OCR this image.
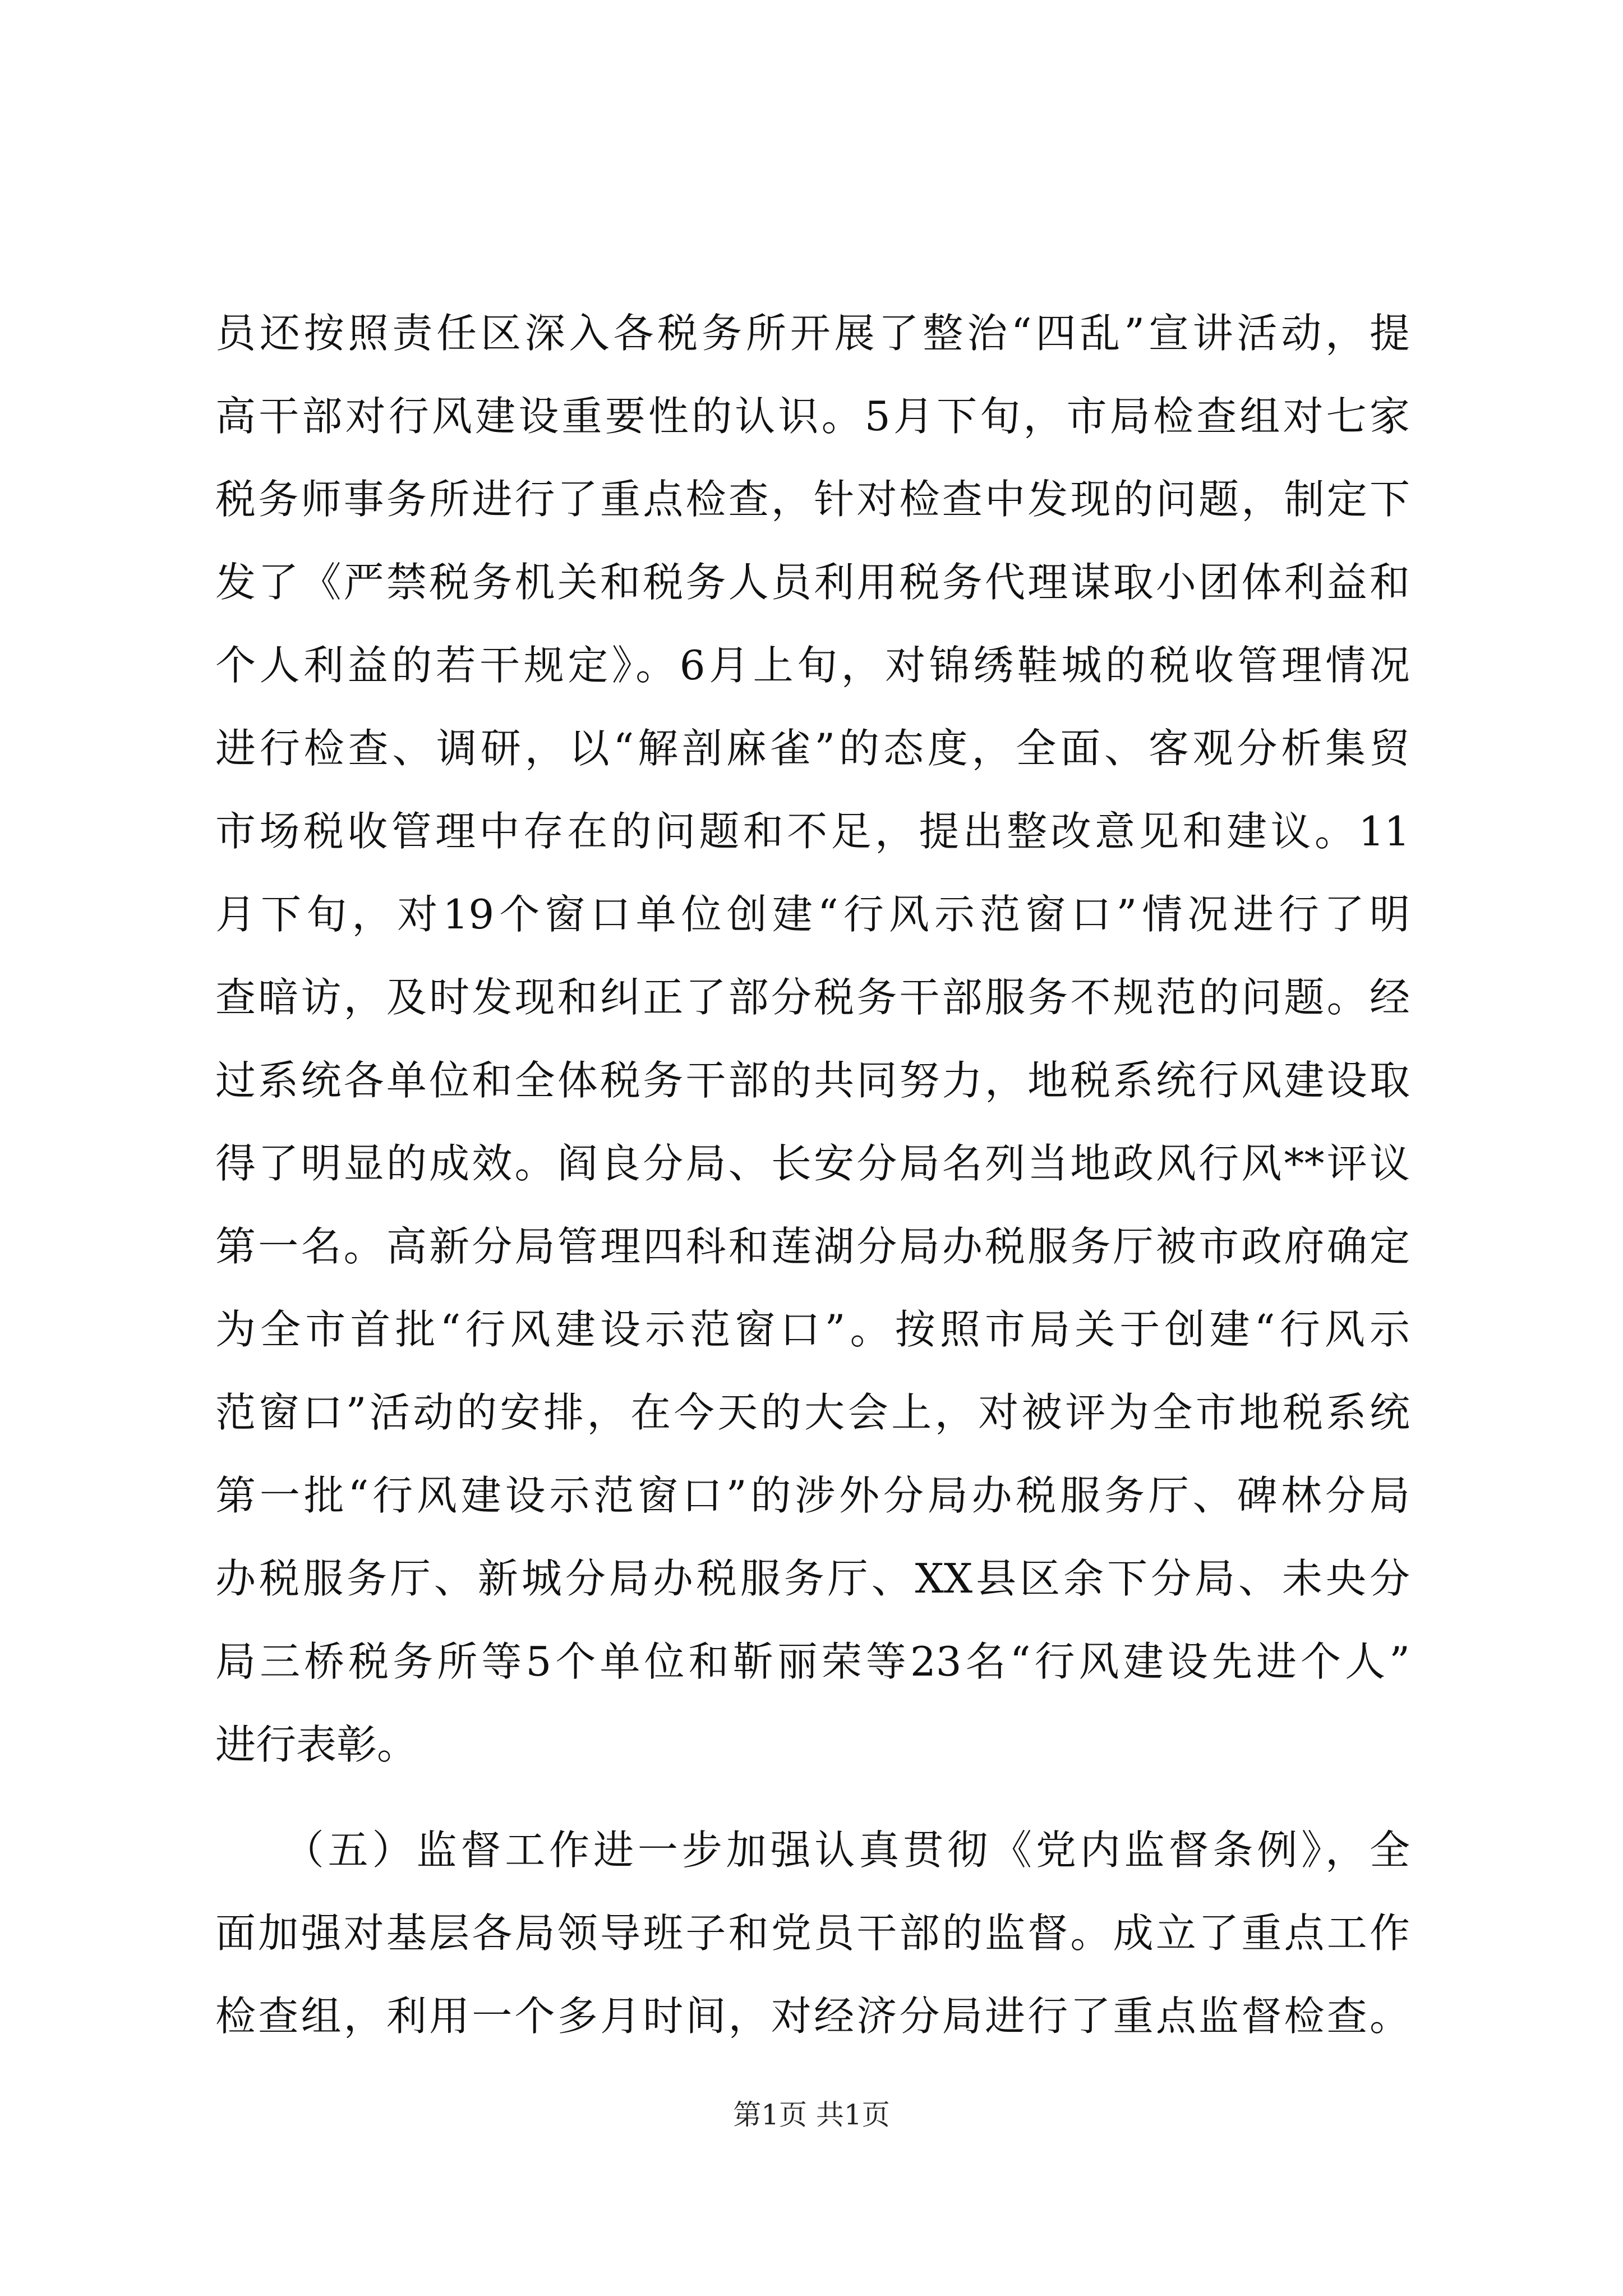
员还按照责任区深入各税务所开展了整治“四乱”宣讲活动，提
高干部对行风建设重要性的认识。5月下旬，市局检查组对七家
税务师事务所进行了重点检查，针对检查中发现的问题，制定下
发了《严禁税务机关和税务人员利用税务代理谋取小团体利益和
个人利益的若干规定》。6月上旬，对锦绣鞋城的税收管理情况
进行检查、调研，以“解剖麻雀”的态度，全面、客观分析集贸
市场税收管理中存在的问题和不足，提出整改意见和建议。11
月下旬，对19个窗口单位创建“行风示范窗口”情况进行了明
查暗访，及时发现和纠正了部分税务干部服务不规范的问题。经
过系统各单位和全体税务干部的共同努力，地税系统行风建设取
得了明显的成效。阎良分局、长安分局名列当地政风行风**评议
第一名。高新分局管理四科和莲湖分局办税服务厅被市政府确定
为全市首批“行风建设示范窗口”。按照市局关于创建“行风示
范窗口”活动的安排，在今天的大会上，对被评为全市地税系统
第一批“行风建设示范窗口”的涉外分局办税服务厅、碑林分局
办税服务厅、新城分局办税服务厅、XX县区余下分局、未央分
局三桥税务所等5个单位和靳丽荣等23名“行风建设先进个人”
进行表彰。
　　（五）监督工作进一步加强认真贯彻《党内监督条例》，全
面加强对基层各局领导班子和党员干部的监督。成立了重点工作
检查组，利用一个多月时间，对经济分局进行了重点监督检查。
第1页 共1页
